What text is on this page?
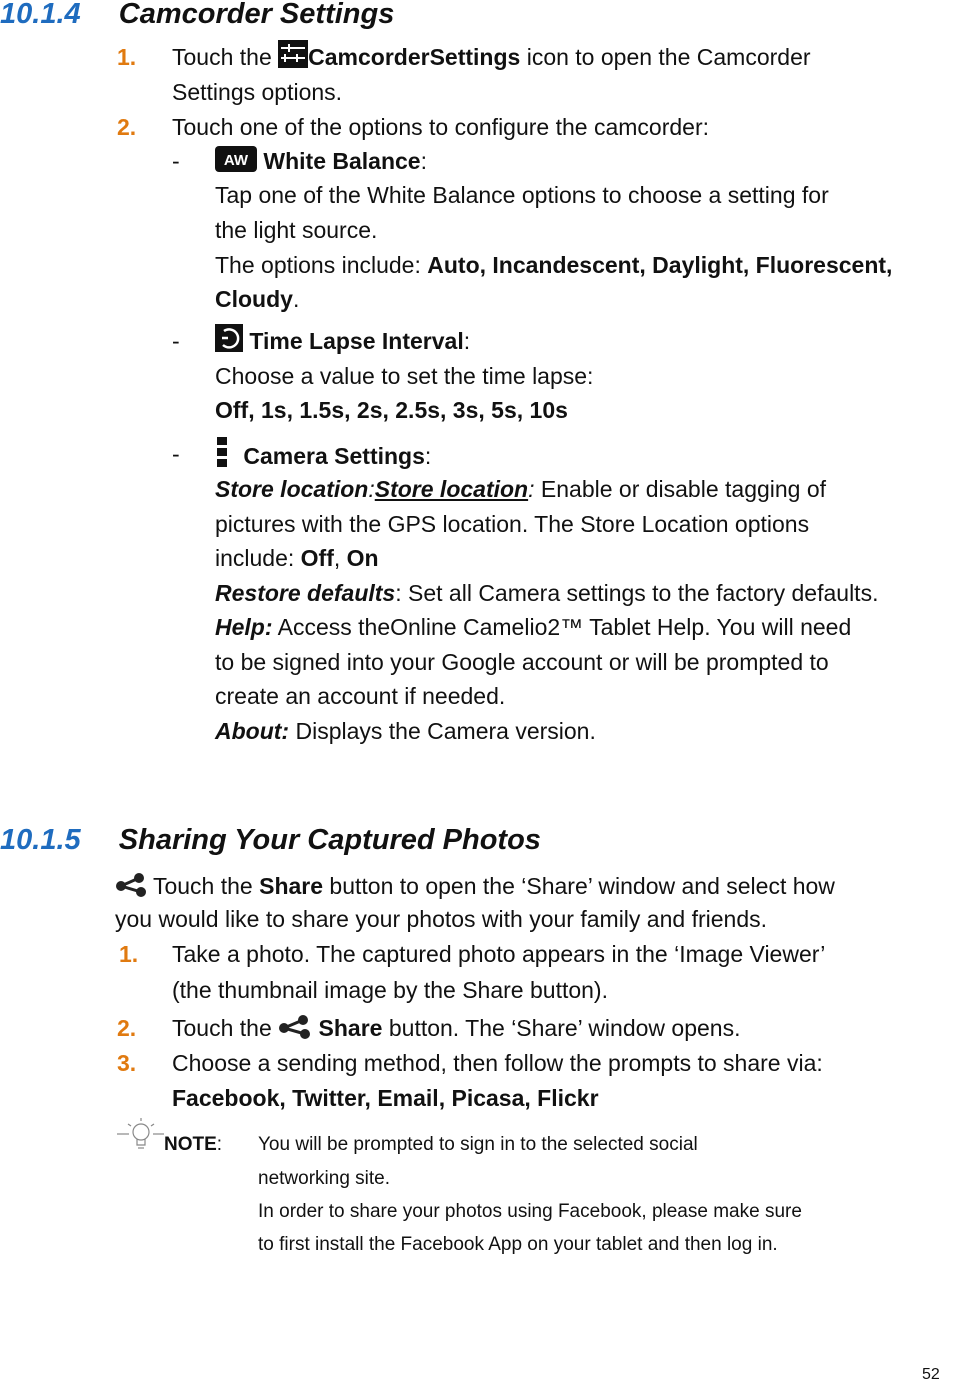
10.1.4 Camcorder Settings
1. Touch the CamcorderSettings icon to open the Camcorder
Settings options.
2. Touch one of the options to configure the camcorder:
-	AW White Balance:
Tap one of the White Balance options to choose a setting for
the light source.
The options include: Auto, Incandescent, Daylight, Fluorescent,
Cloudy.
-	Time Lapse Interval:
Choose a value to set the time lapse:
Off, 1s, 1.5s, 2s, 2.5s, 3s, 5s, 10s
-	Camera Settings:
Store location:Store location: Enable or disable tagging of
pictures with the GPS location. The Store Location options
include: Off, On
Restore defaults: Set all Camera settings to the factory defaults.
Help: Access theOnline Camelio2™ Tablet Help. You will need
to be signed into your Google account or will be prompted to
create an account if needed.
About: Displays the Camera version.
10.1.5 Sharing Your Captured Photos
Touch the Share button to open the ‘Share’ window and select how
you would like to share your photos with your family and friends.
1. Take a photo. The captured photo appears in the ‘Image Viewer’
(the thumbnail image by the Share button).
2. Touch the  Share button. The ‘Share’ window opens.
3. Choose a sending method, then follow the prompts to share via:
Facebook, Twitter, Email, Picasa, Flickr
NOTE: You will be prompted to sign in to the selected social
networking site.
In order to share your photos using Facebook, please make sure
to first install the Facebook App on your tablet and then log in.
52
